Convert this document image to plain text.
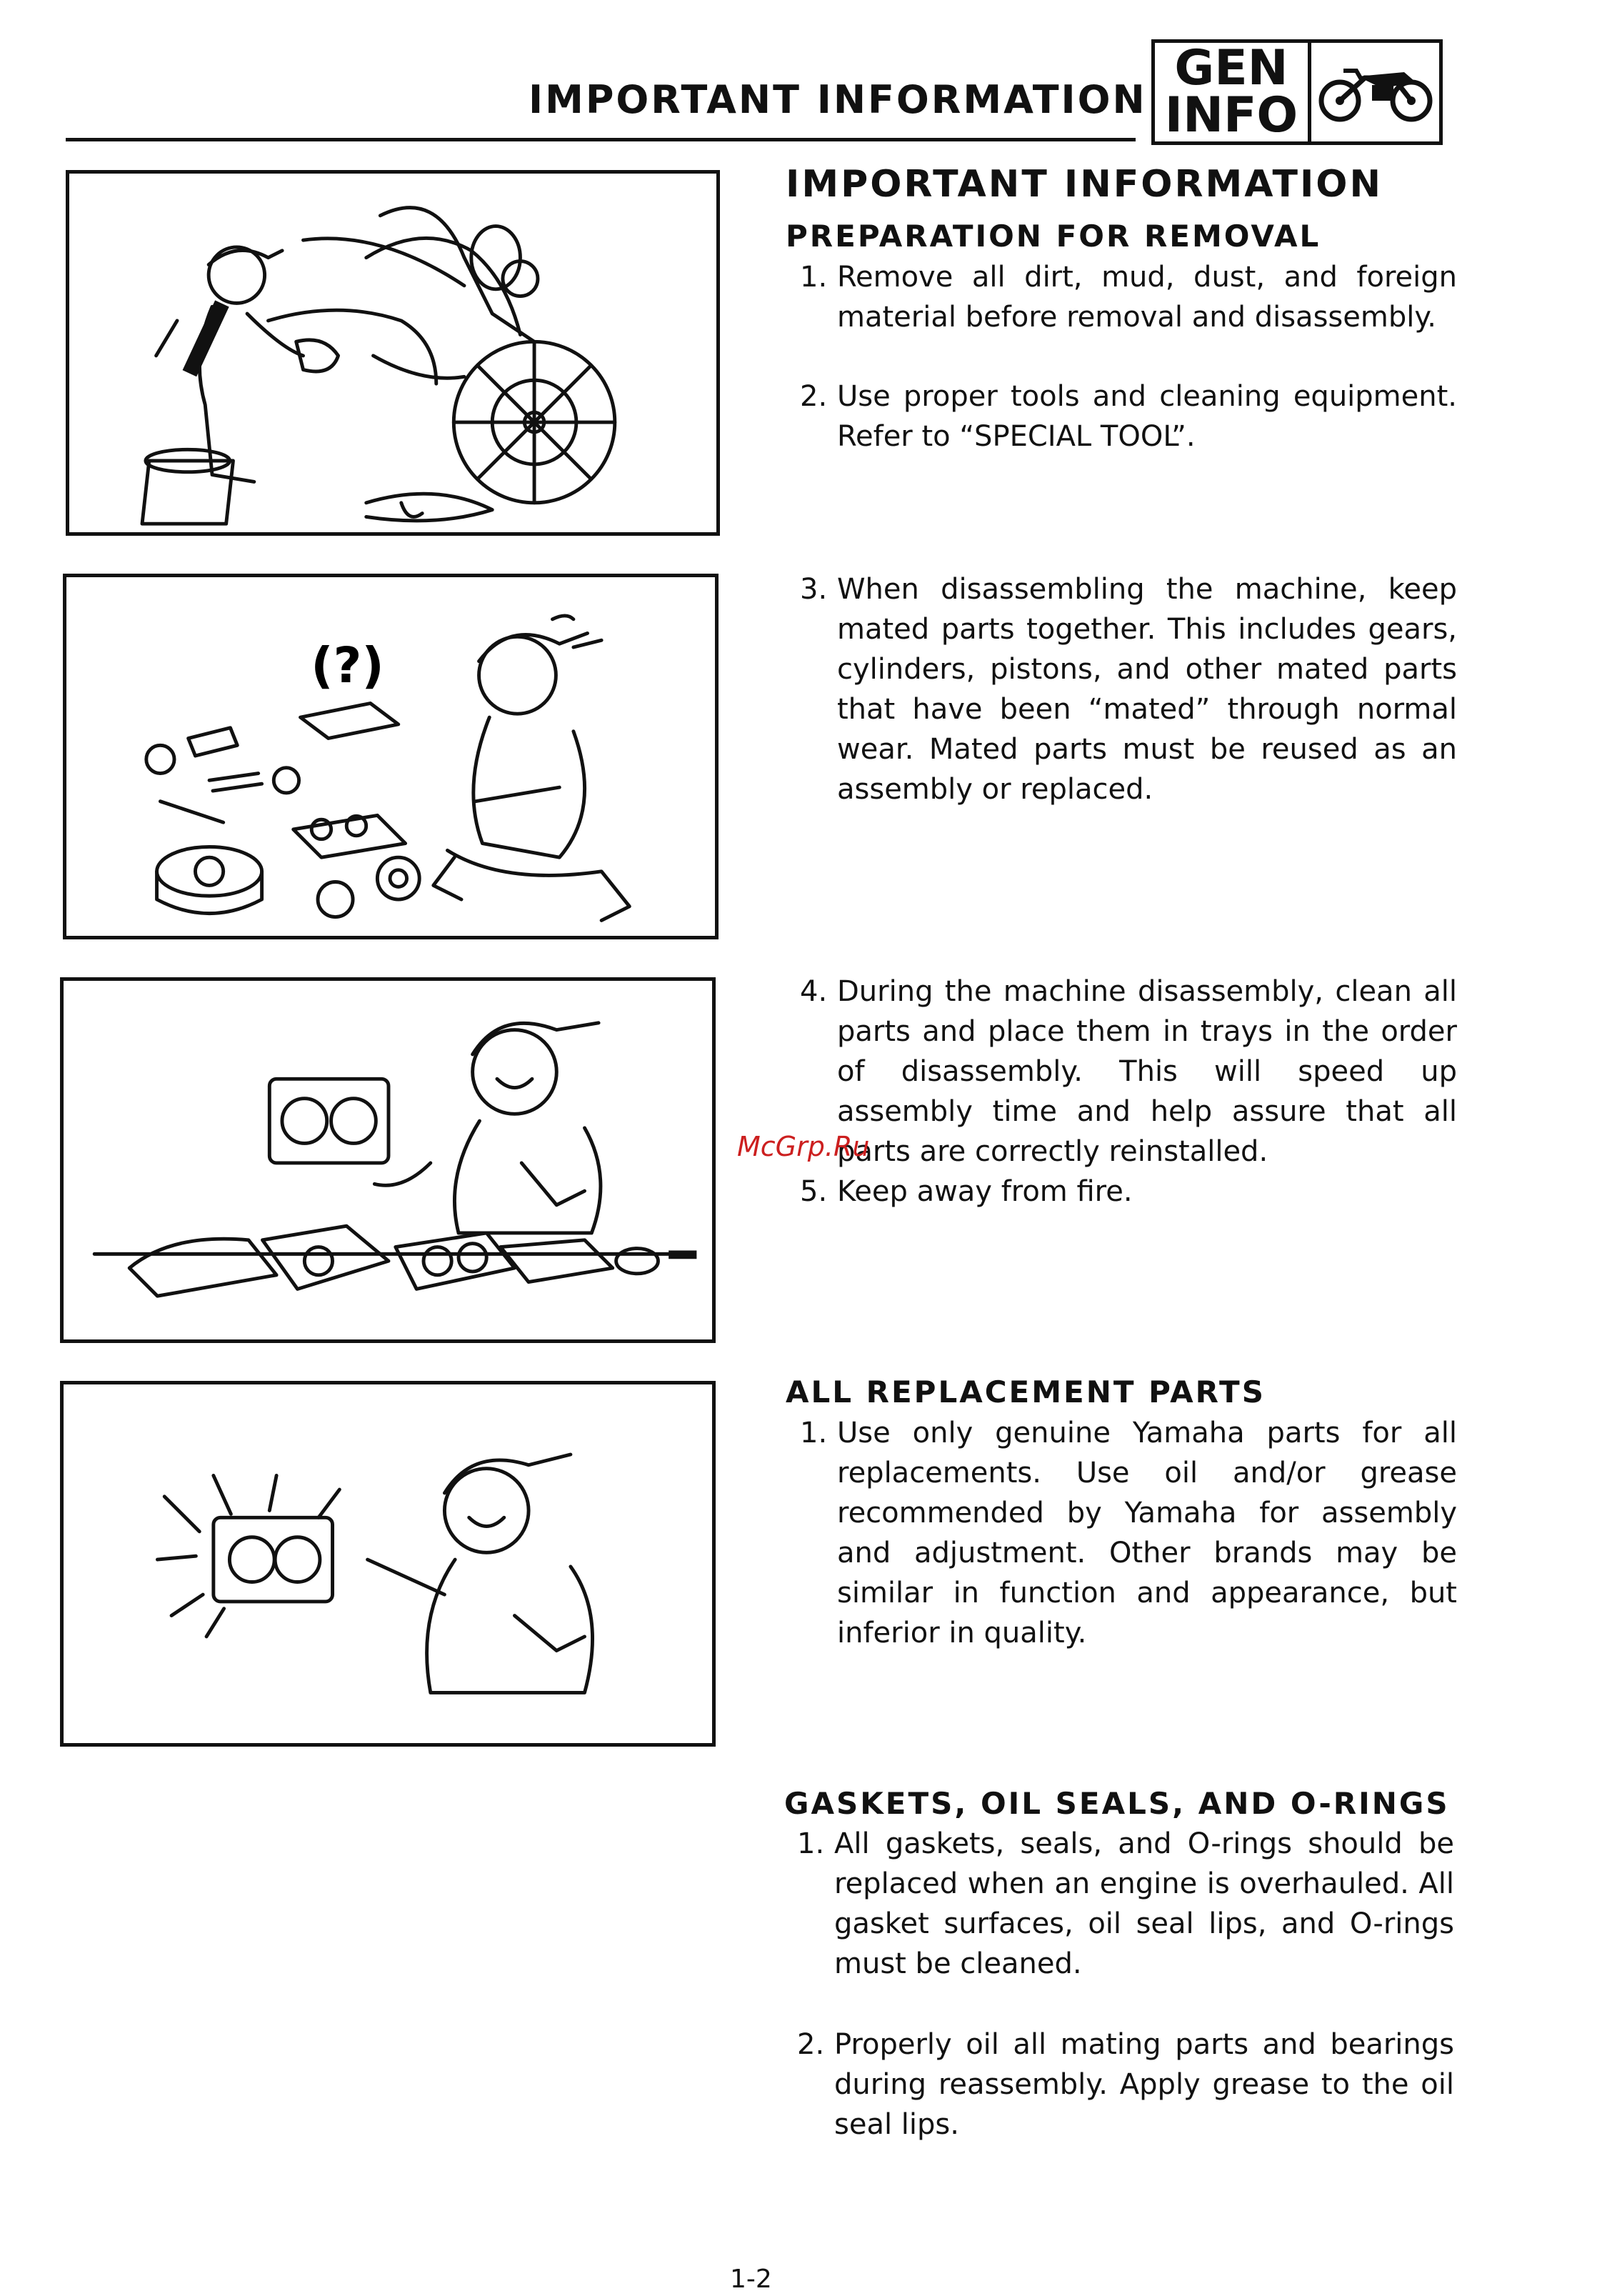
IMPORTANT INFORMATION
GEN
INFO
(?)
IMPORTANT INFORMATION
PREPARATION FOR REMOVAL
1. Remove all dirt, mud, dust, and foreign material before removal and disassembly.
2. Use proper tools and cleaning equipment. Refer to “SPECIAL TOOL”.
3. When disassembling the machine, keep mated parts together. This includes gears, cylinders, pistons, and other mated parts that have been “mated” through normal wear. Mated parts must be reused as an assembly or replaced.
4. During the machine disassembly, clean all parts and place them in trays in the order of disassembly. This will speed up assembly time and help assure that all parts are correctly reinstalled.
5. Keep away from fire.
McGrp.Ru
ALL REPLACEMENT PARTS
1. Use only genuine Yamaha parts for all replacements. Use oil and/or grease recommended by Yamaha for assembly and adjustment. Other brands may be similar in function and appearance, but inferior in quality.
GASKETS, OIL SEALS, AND O-RINGS
1. All gaskets, seals, and O-rings should be replaced when an engine is overhauled. All gasket surfaces, oil seal lips, and O-rings must be cleaned.
2. Properly oil all mating parts and bearings during reassembly. Apply grease to the oil seal lips.
1-2
